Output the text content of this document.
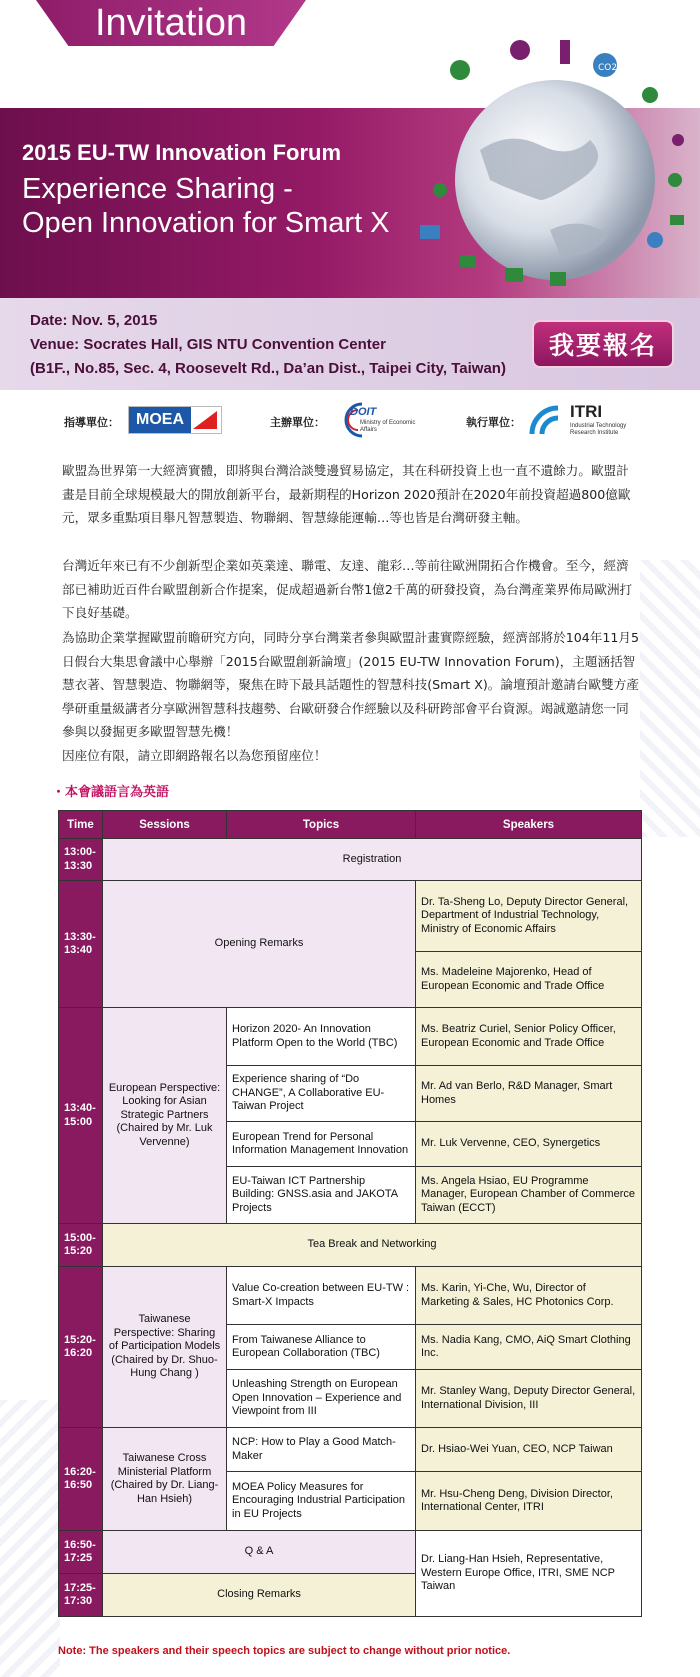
Invitation
2015 EU-TW Innovation Forum
Experience Sharing -
Open Innovation for Smart X
CO2
Date: Nov. 5, 2015
Venue: Socrates Hall, GIS NTU Convention Center
(B1F., No.85, Sec. 4, Roosevelt Rd., Da’an Dist., Taipei City, Taiwan)
我要報名
指導單位：	MOEA	主辦單位：
DOIT
Ministry of Economic Affairs
執行單位：
ITRI
Industrial Technology
Research Institute
歐盟為世界第一大經濟實體，即將與台灣洽談雙邊貿易協定，其在科研投資上也一直不遺餘力。歐盟計畫是目前全球規模最大的開放創新平台，最新期程的Horizon 2020預計在2020年前投資超過800億歐元，眾多重點項目舉凡智慧製造、物聯網、智慧綠能運輸…等也皆是台灣研發主軸。
台灣近年來已有不少創新型企業如英業達、聯電、友達、龍彩…等前往歐洲開拓合作機會。至今，經濟部已補助近百件台歐盟創新合作提案，促成超過新台幣1億2千萬的研發投資，為台灣產業界佈局歐洲打下良好基礎。
為協助企業掌握歐盟前瞻研究方向，同時分享台灣業者參與歐盟計畫實際經驗，經濟部將於104年11月5日假台大集思會議中心舉辦「2015台歐盟創新論壇」(2015 EU-TW Innovation Forum)，主題涵括智慧衣著、智慧製造、物聯網等，聚焦在時下最具話題性的智慧科技(Smart X)。論壇預計邀請台歐雙方產學研重量級講者分享歐洲智慧科技趨勢、台歐研發合作經驗以及科研跨部會平台資源。竭誠邀請您一同參與以發掘更多歐盟智慧先機！
因座位有限，請立即網路報名以為您預留座位！
・本會議語言為英語
Time	Sessions	Topics	Speakers
13:00-13:30	Registration		
13:30-13:40	Opening Remarks		Dr. Ta-Sheng Lo, Deputy Director General, Department of Industrial Technology, Ministry of Economic Affairs
			Ms. Madeleine Majorenko, Head of European Economic and Trade Office
13:40-15:00	European Perspective: Looking for Asian Strategic Partners (Chaired by Mr. Luk Vervenne)	Horizon 2020- An Innovation Platform Open to the World (TBC)	Ms. Beatriz Curiel, Senior Policy Officer, European Economic and Trade Office
		Experience sharing of “Do CHANGE”, A Collaborative EU-Taiwan Project	Mr. Ad van Berlo, R&D Manager, Smart Homes
		European Trend for Personal Information Management Innovation	Mr. Luk Vervenne, CEO, Synergetics
		EU-Taiwan ICT Partnership Building: GNSS.asia and JAKOTA Projects	Ms. Angela Hsiao, EU Programme Manager, European Chamber of Commerce Taiwan (ECCT)
15:00-15:20	Tea Break and Networking		
15:20-16:20	Taiwanese Perspective: Sharing of Participation Models (Chaired by Dr. Shuo-Hung Chang )	Value Co-creation between EU-TW : Smart-X Impacts	Ms. Karin, Yi-Che, Wu, Director of Marketing & Sales, HC Photonics Corp.
		From Taiwanese Alliance to European Collaboration (TBC)	Ms. Nadia Kang, CMO, AiQ Smart Clothing Inc.
		Unleashing Strength on European Open Innovation – Experience and Viewpoint from III	Mr. Stanley Wang, Deputy Director General, International Division, III
16:20-16:50	Taiwanese Cross Ministerial Platform (Chaired by Dr. Liang-Han Hsieh)	NCP: How to Play a Good Match-Maker	Dr. Hsiao-Wei Yuan, CEO, NCP Taiwan
		MOEA Policy Measures for Encouraging Industrial Participation in EU Projects	Mr. Hsu-Cheng Deng, Division Director, International Center, ITRI
16:50-17:25	Q & A		Dr. Liang-Han Hsieh, Representative, Western Europe Office, ITRI, SME NCP Taiwan
17:25-17:30	Closing Remarks		
Note: The speakers and their speech topics are subject to change without prior notice.
